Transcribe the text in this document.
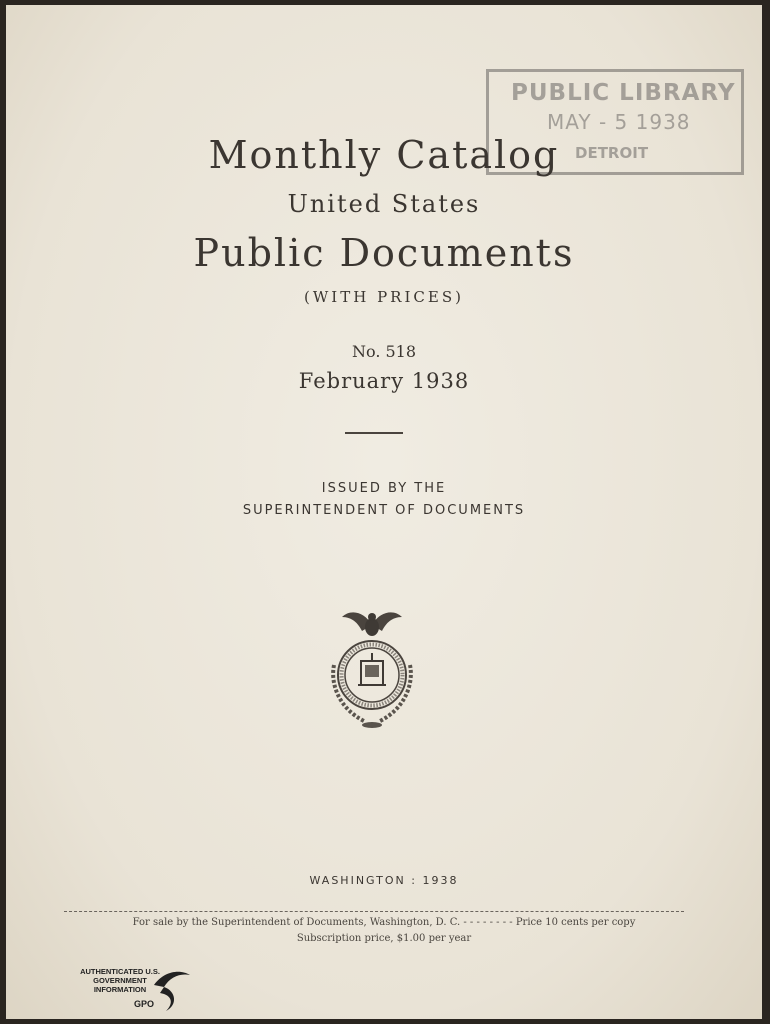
PUBLIC LIBRARY
MAY - 5 1938
DETROIT
Monthly Catalog
United States
Public Documents
(WITH PRICES)
No. 518
February 1938
ISSUED BY THE
SUPERINTENDENT OF DOCUMENTS
WASHINGTON : 1938
For sale by the Superintendent of Documents, Washington, D. C. - - - - - - - - Price 10 cents per copy
Subscription price, $1.00 per year
AUTHENTICATED U.S. GOVERNMENT INFORMATION
GPO
